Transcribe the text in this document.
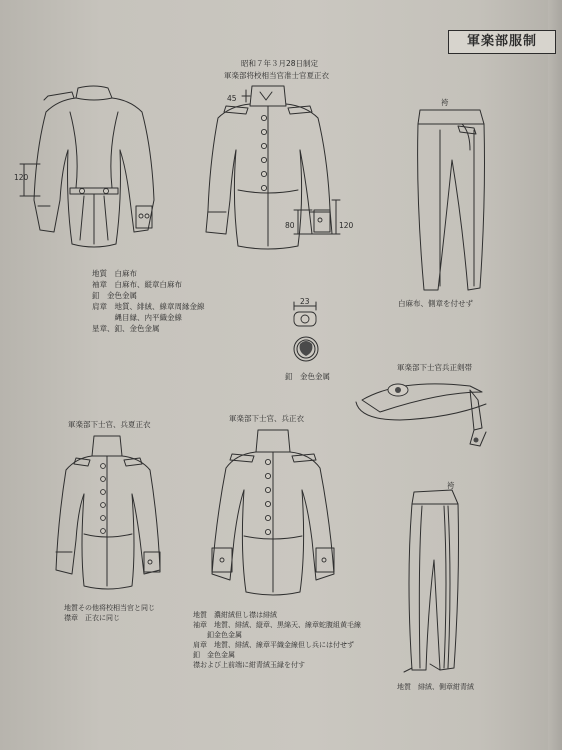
軍楽部服制
昭和７年３月28日制定
軍楽部将校相当官准士官夏正衣
45
120
80	120
地質　白麻布
袖章　白麻布、縦章白麻布
釦　金色金属
肩章　地質、緋絨、線章周縁金線
　　　縄目縁、内平織金線
星章、釦、金色金属
袴
白麻布、側章を付せず
23
釦　金色金属
軍楽部下士官兵正剣帯
軍楽部下士官、兵夏正衣
軍楽部下士官、兵正衣
地質その他将校相当官と同じ
襟章　正衣に同じ	地質　濃紺絨但し襟は緋絨
袖章　地質、緋絨、縦章、黒綿天、線章蛇腹組黄毛線
　　釦金色金属
肩章　地質、緋絨、線章平織金線但し兵には付せず
釦　金色金属
襟および上前端に紺青絨玉縁を付す
袴
地質　緋絨、側章紺青絨
